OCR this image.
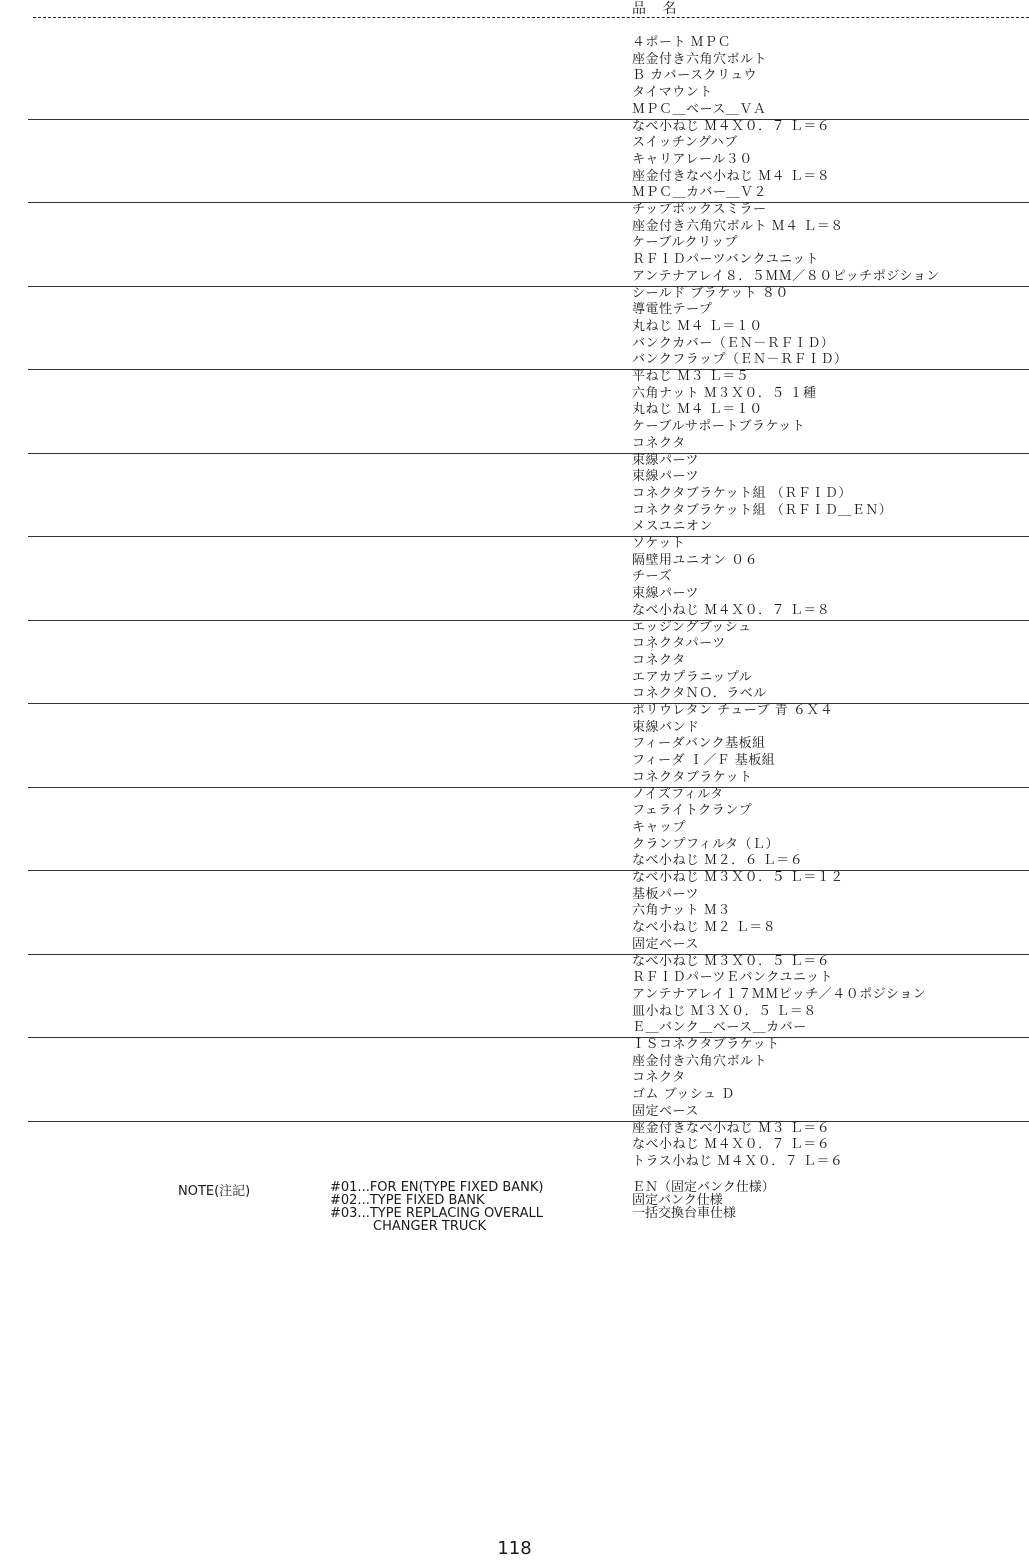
品 名
４ポート ＭＰＣ
座金付き六角穴ボルト
Ｂ カバースクリュウ
タイマウント
ＭＰＣ＿ベース＿ＶＡ
なべ小ねじ Ｍ４Ｘ０．７ Ｌ＝６
スイッチングハブ
キャリアレール３０
座金付きなべ小ねじ Ｍ４ Ｌ＝８
ＭＰＣ＿カバー＿Ｖ２
チップボックスミラー
座金付き六角穴ボルト Ｍ４ Ｌ＝８
ケーブルクリップ
ＲＦＩＤパーツバンクユニット
アンテナアレイ８．５ＭＭ／８０ピッチポジション
シールド ブラケット ８０
導電性テープ
丸ねじ Ｍ４ Ｌ＝１０
バンクカバー（ＥＮ－ＲＦＩＤ）
バンクフラップ（ＥＮ－ＲＦＩＤ）
平ねじ Ｍ３ Ｌ＝５
六角ナット Ｍ３Ｘ０．５ １種
丸ねじ Ｍ４ Ｌ＝１０
ケーブルサポートブラケット
コネクタ
束線パーツ
束線パーツ
コネクタブラケット組 （ＲＦＩＤ）
コネクタブラケット組 （ＲＦＩＤ＿ＥＮ）
メスユニオン
ソケット
隔壁用ユニオン ０６
チーズ
束線パーツ
なべ小ねじ Ｍ４Ｘ０．７ Ｌ＝８
エッジングブッシュ
コネクタパーツ
コネクタ
エアカプラニップル
コネクタＮＯ．ラベル
ポリウレタン チューブ 青 ６Ｘ４
束線バンド
フィーダバンク基板組
フィーダ Ｉ／Ｆ 基板組
コネクタブラケット
ノイズフィルタ
フェライトクランプ
キャップ
クランプフィルタ（Ｌ）
なべ小ねじ Ｍ２．６ Ｌ＝６
なべ小ねじ Ｍ３Ｘ０．５ Ｌ＝１２
基板パーツ
六角ナット Ｍ３
なべ小ねじ Ｍ２ Ｌ＝８
固定ベース
なべ小ねじ Ｍ３Ｘ０．５ Ｌ＝６
ＲＦＩＤパーツＥバンクユニット
アンテナアレイ１７ＭＭピッチ／４０ポジション
皿小ねじ Ｍ３Ｘ０．５ Ｌ＝８
Ｅ＿バンク＿ベース＿カバー
ＩＳコネクタブラケット
座金付き六角穴ボルト
コネクタ
ゴム ブッシュ Ｄ
固定ベース
座金付きなべ小ねじ Ｍ３ Ｌ＝６
なべ小ねじ Ｍ４Ｘ０．７ Ｌ＝６
トラス小ねじ Ｍ４Ｘ０．７ Ｌ＝６
NOTE(注記)	#01...FOR EN(TYPE FIXED BANK)
#02...TYPE FIXED BANK
#03...TYPE REPLACING OVERALL
CHANGER TRUCK
ＥＮ（固定バンク仕様）
固定バンク仕様
一括交換台車仕様
118
